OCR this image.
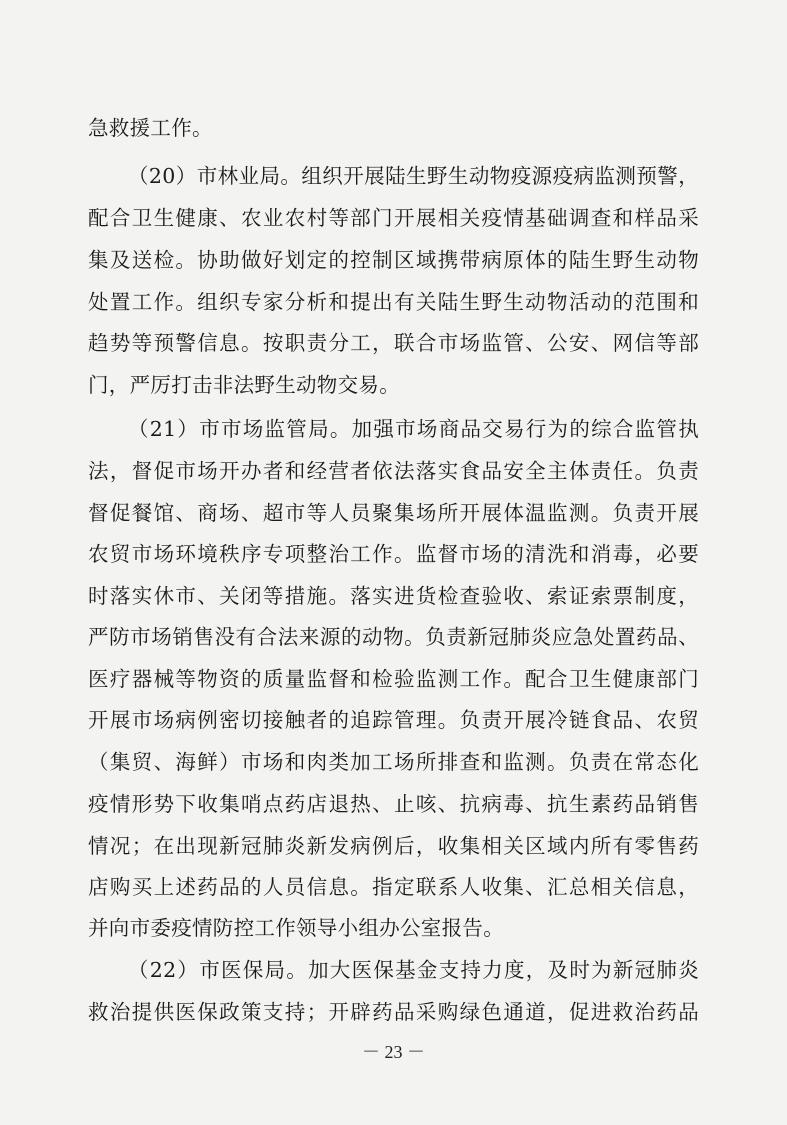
急救援工作。
（20）市林业局。组织开展陆生野生动物疫源疫病监测预警，
配合卫生健康、农业农村等部门开展相关疫情基础调查和样品采
集及送检。协助做好划定的控制区域携带病原体的陆生野生动物
处置工作。组织专家分析和提出有关陆生野生动物活动的范围和
趋势等预警信息。按职责分工，联合市场监管、公安、网信等部
门，严厉打击非法野生动物交易。
（21）市市场监管局。加强市场商品交易行为的综合监管执
法，督促市场开办者和经营者依法落实食品安全主体责任。负责
督促餐馆、商场、超市等人员聚集场所开展体温监测。负责开展
农贸市场环境秩序专项整治工作。监督市场的清洗和消毒，必要
时落实休市、关闭等措施。落实进货检查验收、索证索票制度，
严防市场销售没有合法来源的动物。负责新冠肺炎应急处置药品、
医疗器械等物资的质量监督和检验监测工作。配合卫生健康部门
开展市场病例密切接触者的追踪管理。负责开展冷链食品、农贸
（集贸、海鲜）市场和肉类加工场所排查和监测。负责在常态化
疫情形势下收集哨点药店退热、止咳、抗病毒、抗生素药品销售
情况；在出现新冠肺炎新发病例后，收集相关区域内所有零售药
店购买上述药品的人员信息。指定联系人收集、汇总相关信息，
并向市委疫情防控工作领导小组办公室报告。
（22）市医保局。加大医保基金支持力度，及时为新冠肺炎
救治提供医保政策支持；开辟药品采购绿色通道，促进救治药品
－ 23 －
